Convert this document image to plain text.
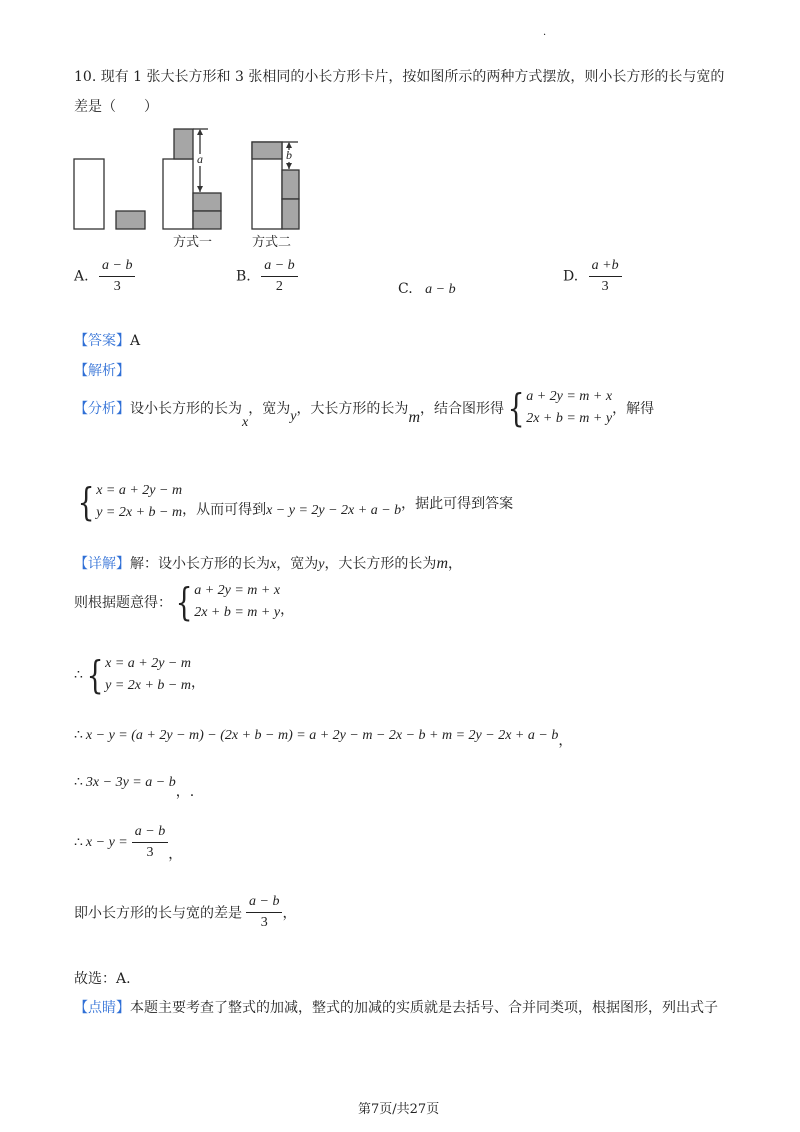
·
10. 现有 1 张大长方形和 3 张相同的小长方形卡片，按如图所示的两种方式摆放，则小长方形的长与宽的
差是（　　）
a	b
方式一	方式二
A. $\frac{a - b}{3}$	B. $\frac{a - b}{2}$	C. a − b
D. $\frac{a +b}{3}$
【答案】A
【解析】
【分析】设小长方形的长为x，宽为y，大长方形的长为m，结合图形得{ a + 2y = m + x
2x + b = m + y
，解得
{ x = a + 2y − m
y = 2x + b − m ，从而可得到x − y = 2y − 2x + a − b，据此可得到答案
【详解】解：设小长方形的长为x，宽为y，大长方形的长为m，
则根据题意得：{ a + 2y = m + x
2x + b = m + y ，
∴{ x = a + 2y − m
y = 2x + b − m ，
∴ x − y = (a + 2y − m) − (2x + b − m) = a + 2y − m − 2x − b + m = 2y − 2x + a − b，
∴ 3x − 3y = a − b，.
∴ $x - y = \frac{a - b}{3}$ ，
即小长方形的长与宽的差是 $\frac{a - b}{3}$ ，
故选：A.
【点睛】本题主要考查了整式的加减，整式的加减的实质就是去括号、合并同类项，根据图形，列出式子
第7页/共27页
